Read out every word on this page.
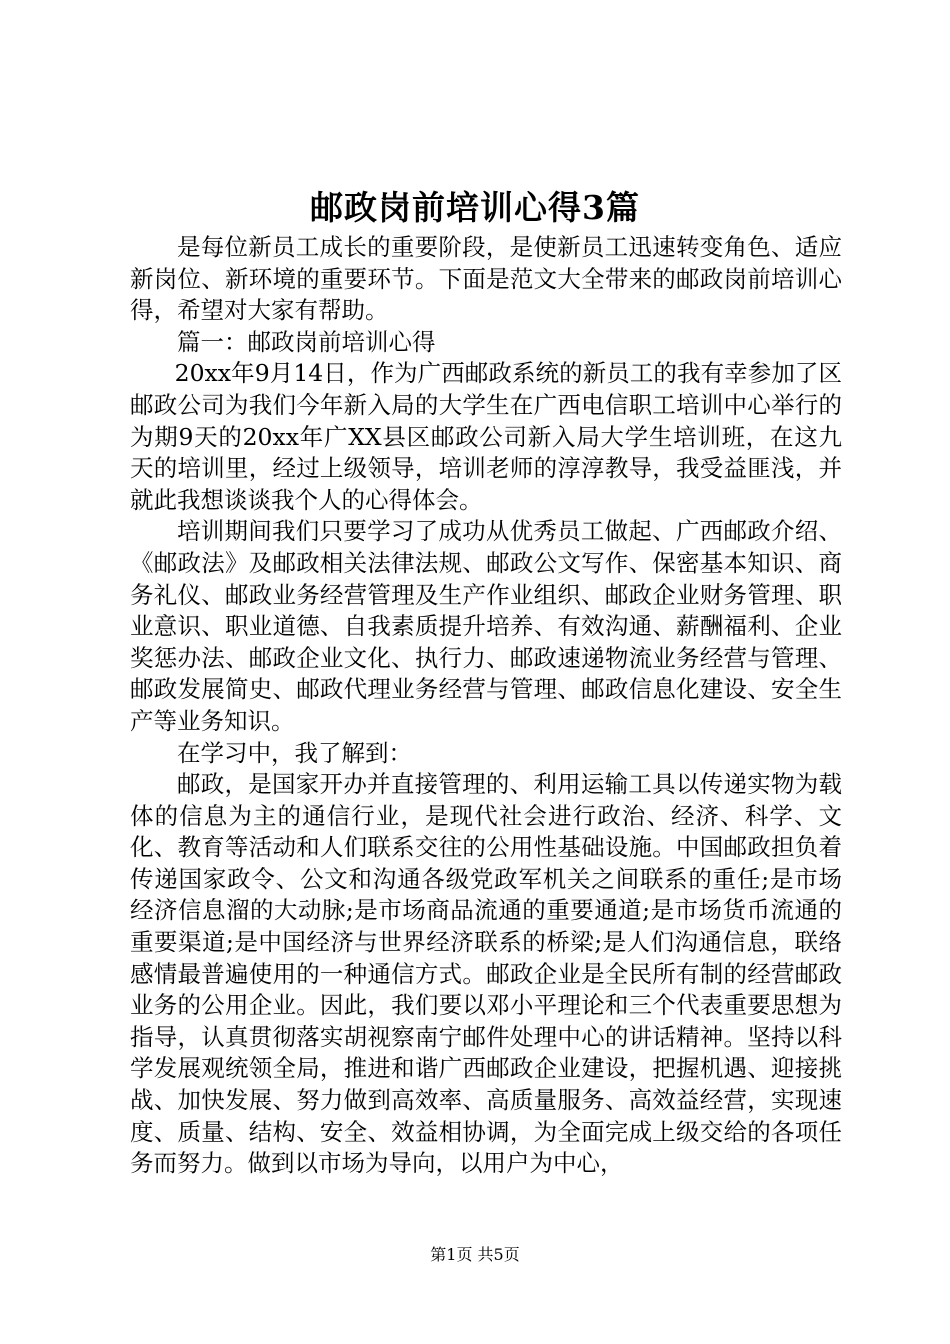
邮政岗前培训心得3篇

是每位新员工成长的重要阶段，是使新员工迅速转变角色、适应新岗位、新环境的重要环节。下面是范文大全带来的邮政岗前培训心得，希望对大家有帮助。

篇一：邮政岗前培训心得

20xx年9月14日，作为广西邮政系统的新员工的我有幸参加了区邮政公司为我们今年新入局的大学生在广西电信职工培训中心举行的为期9天的20xx年广XX县区邮政公司新入局大学生培训班，在这九天的培训里，经过上级领导，培训老师的淳淳教导，我受益匪浅，并就此我想谈谈我个人的心得体会。

培训期间我们只要学习了成功从优秀员工做起、广西邮政介绍、《邮政法》及邮政相关法律法规、邮政公文写作、保密基本知识、商务礼仪、邮政业务经营管理及生产作业组织、邮政企业财务管理、职业意识、职业道德、自我素质提升培养、有效沟通、薪酬福利、企业奖惩办法、邮政企业文化、执行力、邮政速递物流业务经营与管理、邮政发展简史、邮政代理业务经营与管理、邮政信息化建设、安全生产等业务知识。

在学习中，我了解到：

邮政，是国家开办并直接管理的、利用运输工具以传递实物为载体的信息为主的通信行业，是现代社会进行政治、经济、科学、文化、教育等活动和人们联系交往的公用性基础设施。中国邮政担负着传递国家政令、公文和沟通各级党政军机关之间联系的重任;是市场经济信息溜的大动脉;是市场商品流通的重要通道;是市场货币流通的重要渠道;是中国经济与世界经济联系的桥梁;是人们沟通信息，联络感情最普遍使用的一种通信方式。邮政企业是全民所有制的经营邮政业务的公用企业。因此，我们要以邓小平理论和三个代表重要思想为指导，认真贯彻落实胡视察南宁邮件处理中心的讲话精神。坚持以科学发展观统领全局，推进和谐广西邮政企业建设，把握机遇、迎接挑战、加快发展、努力做到高效率、高质量服务、高效益经营，实现速度、质量、结构、安全、效益相协调，为全面完成上级交给的各项任务而努力。做到以市场为导向，以用户为中心，

第1页 共5页
